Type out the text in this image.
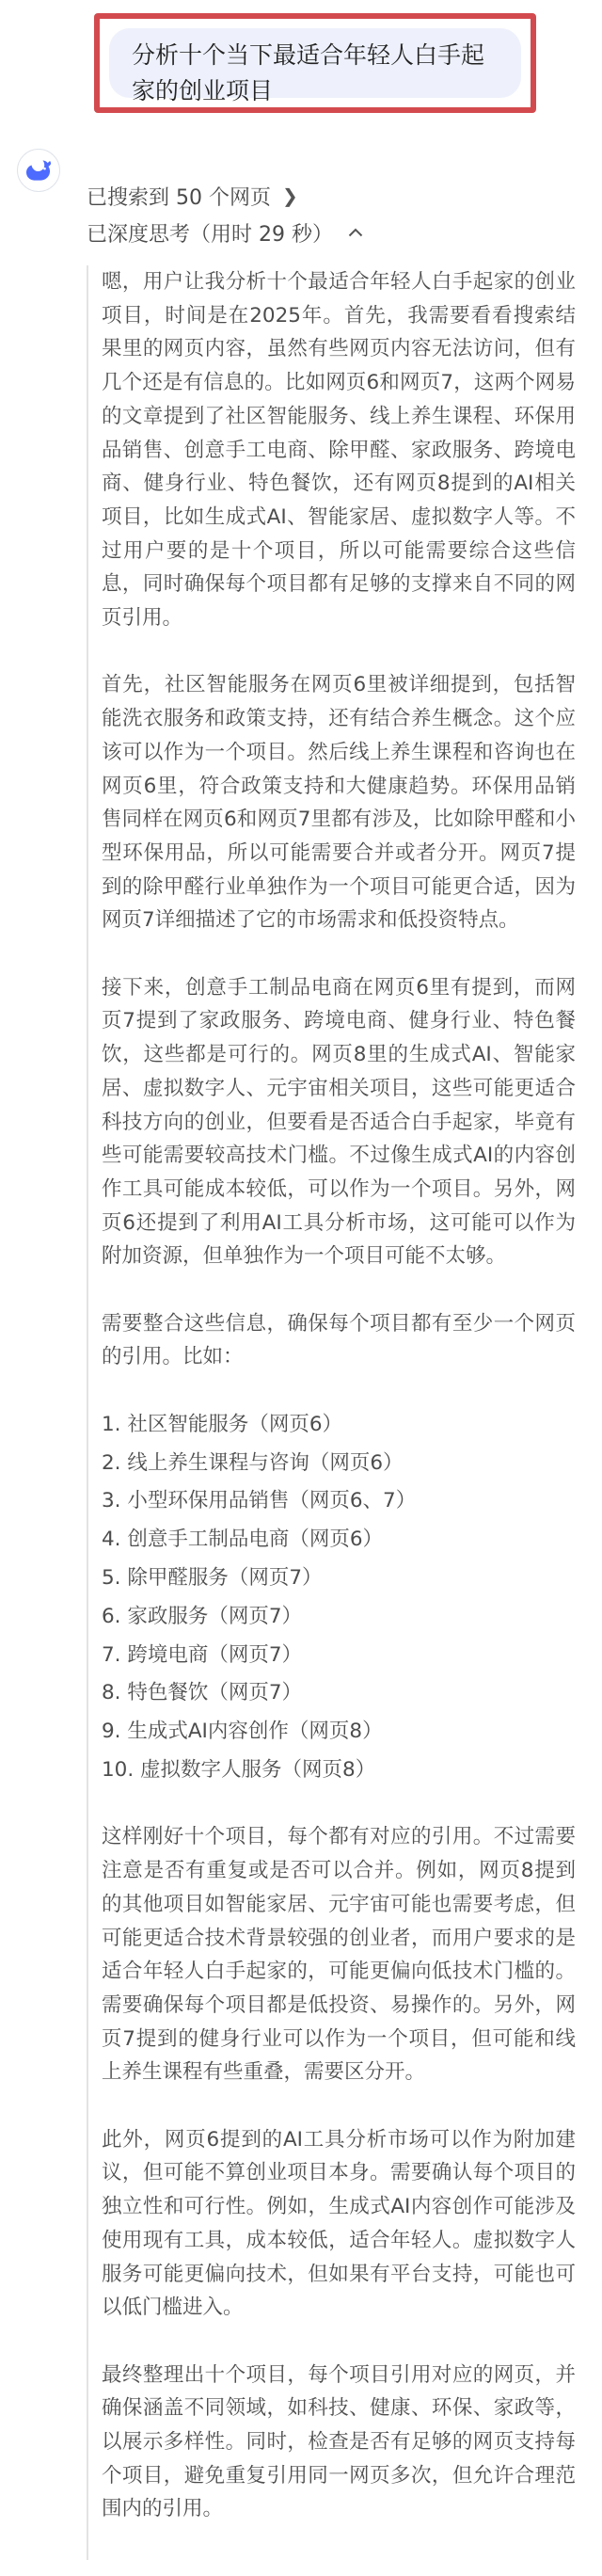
分析十个当下最适合年轻人白手起家的创业项目
已搜索到 50 个网页 ❯
已深度思考（用时 29 秒）

嗯，用户让我分析十个最适合年轻人白手起家的创业项目，时间是在2025年。首先，我需要看看搜索结果里的网页内容，虽然有些网页内容无法访问，但有几个还是有信息的。比如网页6和网页7，这两个网易的文章提到了社区智能服务、线上养生课程、环保用品销售、创意手工电商、除甲醛、家政服务、跨境电商、健身行业、特色餐饮，还有网页8提到的AI相关项目，比如生成式AI、智能家居、虚拟数字人等。不过用户要的是十个项目，所以可能需要综合这些信息，同时确保每个项目都有足够的支撑来自不同的网页引用。

首先，社区智能服务在网页6里被详细提到，包括智能洗衣服务和政策支持，还有结合养生概念。这个应该可以作为一个项目。然后线上养生课程和咨询也在网页6里，符合政策支持和大健康趋势。环保用品销售同样在网页6和网页7里都有涉及，比如除甲醛和小型环保用品，所以可能需要合并或者分开。网页7提到的除甲醛行业单独作为一个项目可能更合适，因为网页7详细描述了它的市场需求和低投资特点。

接下来，创意手工制品电商在网页6里有提到，而网页7提到了家政服务、跨境电商、健身行业、特色餐饮，这些都是可行的。网页8里的生成式AI、智能家居、虚拟数字人、元宇宙相关项目，这些可能更适合科技方向的创业，但要看是否适合白手起家，毕竟有些可能需要较高技术门槛。不过像生成式AI的内容创作工具可能成本较低，可以作为一个项目。另外，网页6还提到了利用AI工具分析市场，这可能可以作为附加资源，但单独作为一个项目可能不太够。

需要整合这些信息，确保每个项目都有至少一个网页的引用。比如：

1. 社区智能服务（网页6）
2. 线上养生课程与咨询（网页6）
3. 小型环保用品销售（网页6、7）
4. 创意手工制品电商（网页6）
5. 除甲醛服务（网页7）
6. 家政服务（网页7）
7. 跨境电商（网页7）
8. 特色餐饮（网页7）
9. 生成式AI内容创作（网页8）
10. 虚拟数字人服务（网页8）

这样刚好十个项目，每个都有对应的引用。不过需要注意是否有重复或是否可以合并。例如，网页8提到的其他项目如智能家居、元宇宙可能也需要考虑，但可能更适合技术背景较强的创业者，而用户要求的是适合年轻人白手起家的，可能更偏向低技术门槛的。需要确保每个项目都是低投资、易操作的。另外，网页7提到的健身行业可以作为一个项目，但可能和线上养生课程有些重叠，需要区分开。

此外，网页6提到的AI工具分析市场可以作为附加建议，但可能不算创业项目本身。需要确认每个项目的独立性和可行性。例如，生成式AI内容创作可能涉及使用现有工具，成本较低，适合年轻人。虚拟数字人服务可能更偏向技术，但如果有平台支持，可能也可以低门槛进入。

最终整理出十个项目，每个项目引用对应的网页，并确保涵盖不同领域，如科技、健康、环保、家政等，以展示多样性。同时，检查是否有足够的网页支持每个项目，避免重复引用同一网页多次，但允许合理范围内的引用。
